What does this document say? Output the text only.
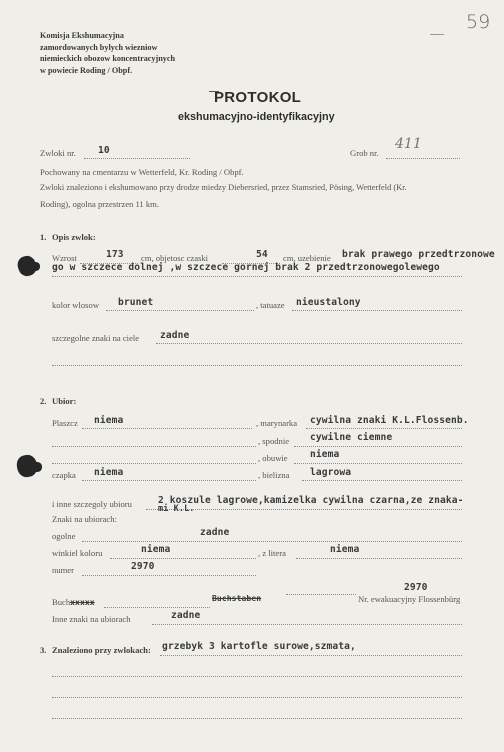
59
Komisja Ekshumacyjna
zamordowanych bylych wiezniow
niemieckich obozow koncentracyjnych
w powiecie Roding / Obpf.
PROTOKOL
ekshumacyjno-identyfikacyjny
Zwloki nr. 10	Grob nr.
411
Pochowany na cmentarzu w Wetterfeld, Kr. Roding / Obpf.
Zwloki znaleziono i ekshumowano przy drodze miedzy Diebersried, przez Stamsried, Pösing, Wetterfeld (Kr.
Roding), ogolna przestrzen 11 km.
1. Opis zwlok:
Wzrost	173 cm, objetosc czaski	54 cm, uzebienie brak prawego przedtrzonowe
go w szczece dolnej ,w szczece gornej brak 2 przedtrzonowegolewego
kolor wlosow brunet	, tatuaze nieustalony
szczegolne znaki na ciele zadne
2. Ubior:
Plaszcz niema	, marynarka cywilna znaki K.L.Flossenb.
, spodnie cywilne ciemne
, obuwie niema
czapka niema	, bielizna lagrowa
i inne szczegoly ubioru	2 koszule lagrowe,kamizelka cywilna czarna,ze znaka-
mi K.L.
Znaki na ubiorach:
ogolne	zadne
winkiel koloru	niema	, z litera	niema
numer	2970
Buchxxxxx	Buchstaben
2970
Nr. ewakuacyjny Flossenbürg
Inne znaki na ubiorach	zadne
3. Znaleziono przy zwlokach: grzebyk 3 kartofle surowe,szmata,
